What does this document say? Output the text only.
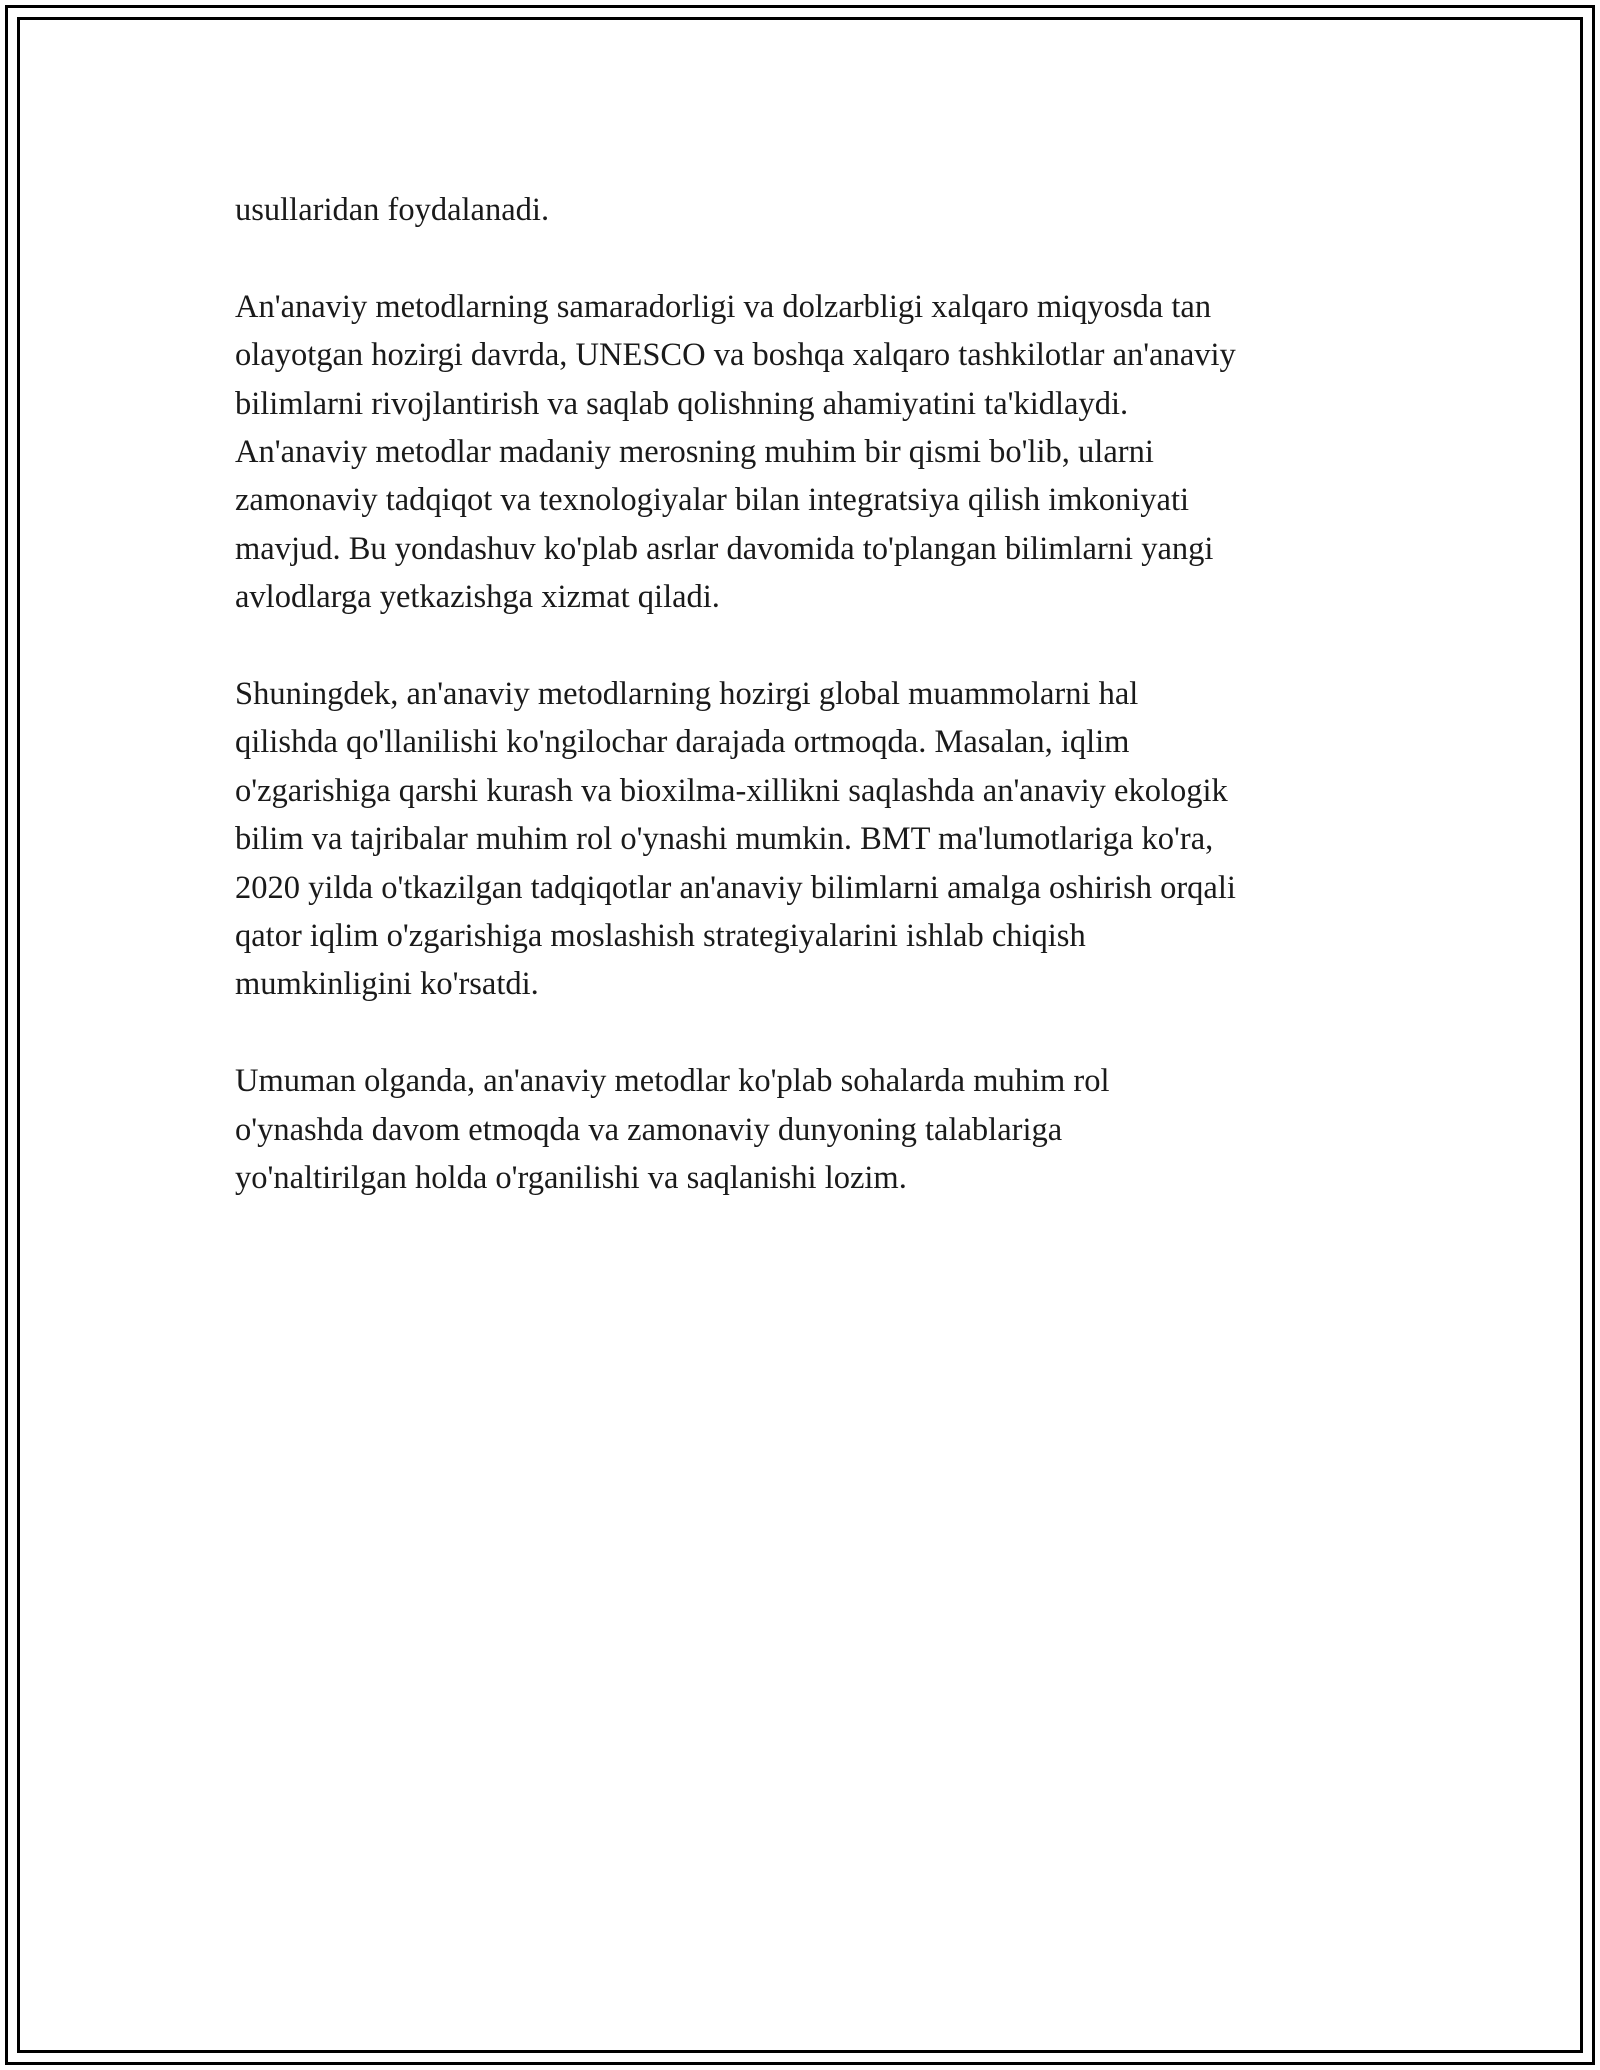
usullaridan foydalanadi.

An'anaviy metodlarning samaradorligi va dolzarbligi xalqaro miqyosda tan
olayotgan hozirgi davrda, UNESCO va boshqa xalqaro tashkilotlar an'anaviy
bilimlarni rivojlantirish va saqlab qolishning ahamiyatini ta'kidlaydi.
An'anaviy metodlar madaniy merosning muhim bir qismi bo'lib, ularni
zamonaviy tadqiqot va texnologiyalar bilan integratsiya qilish imkoniyati
mavjud. Bu yondashuv ko'plab asrlar davomida to'plangan bilimlarni yangi
avlodlarga yetkazishga xizmat qiladi.

Shuningdek, an'anaviy metodlarning hozirgi global muammolarni hal
qilishda qo'llanilishi ko'ngilochar darajada ortmoqda. Masalan, iqlim
o'zgarishiga qarshi kurash va bioxilma-xillikni saqlashda an'anaviy ekologik
bilim va tajribalar muhim rol o'ynashi mumkin. BMT ma'lumotlariga ko'ra,
2020 yilda o'tkazilgan tadqiqotlar an'anaviy bilimlarni amalga oshirish orqali
qator iqlim o'zgarishiga moslashish strategiyalarini ishlab chiqish
mumkinligini ko'rsatdi.

Umuman olganda, an'anaviy metodlar ko'plab sohalarda muhim rol
o'ynashda davom etmoqda va zamonaviy dunyoning talablariga
yo'naltirilgan holda o'rganilishi va saqlanishi lozim.
